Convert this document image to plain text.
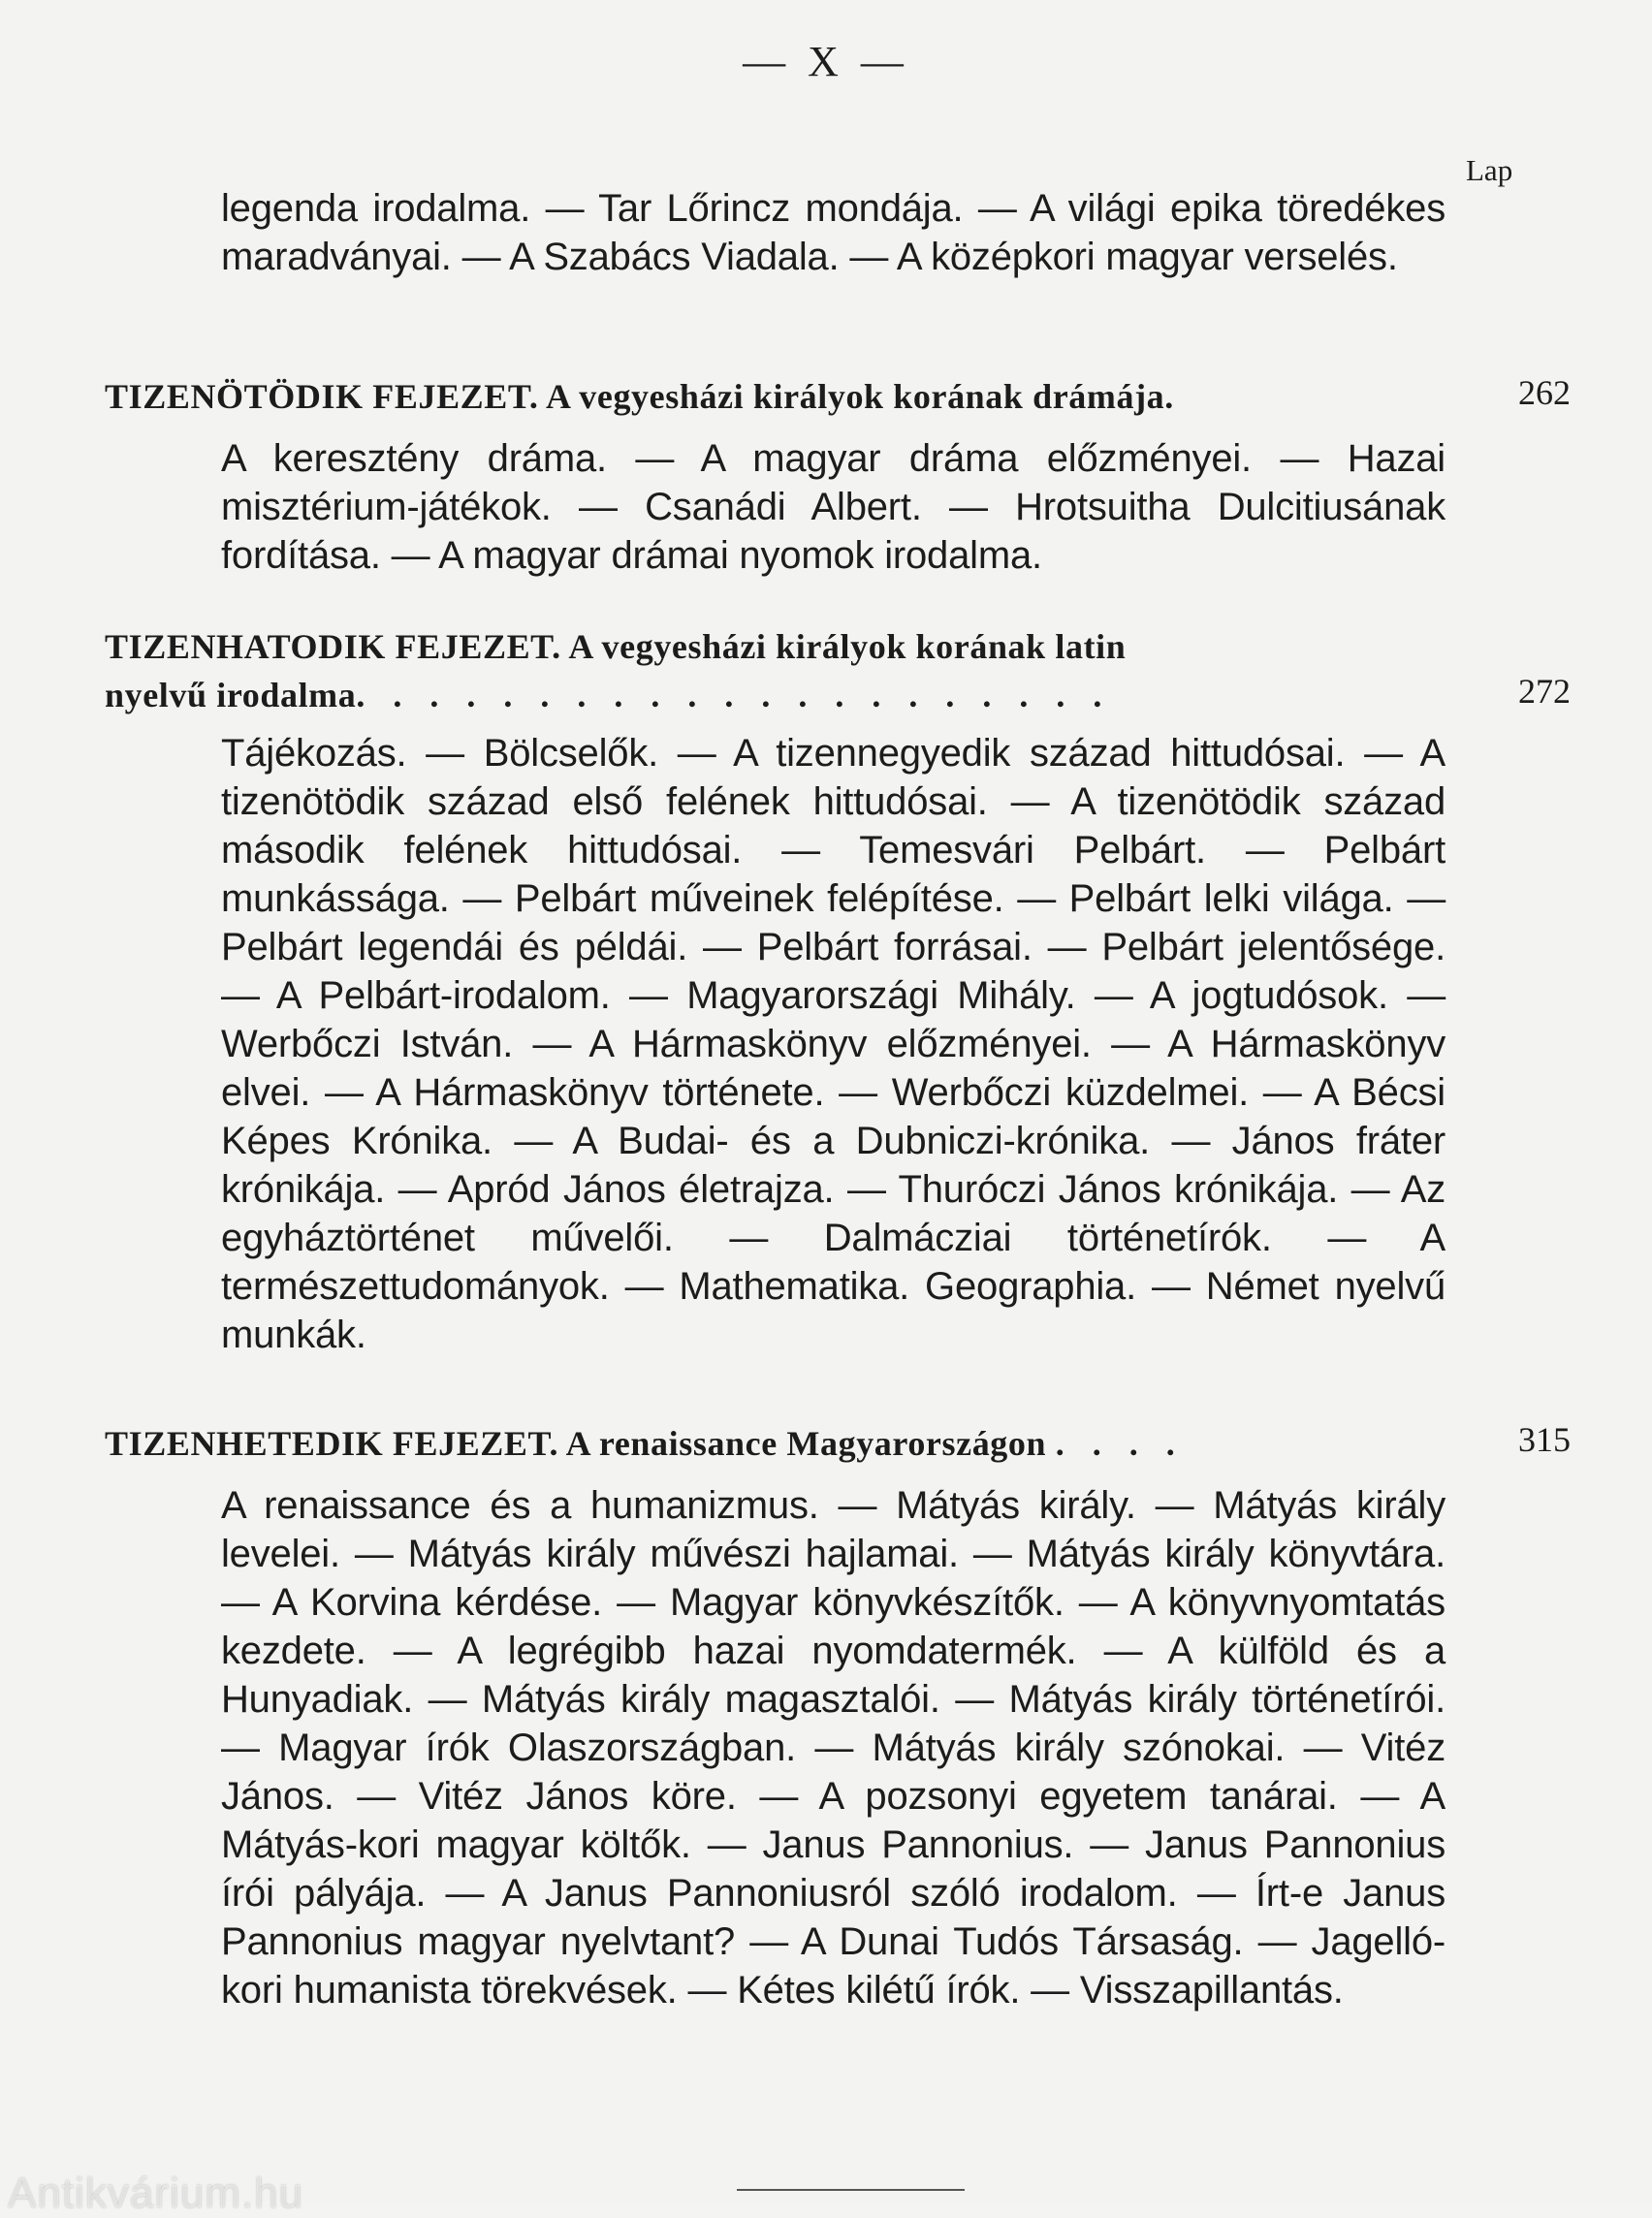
— X —
Lap
legenda irodalma. — Tar Lőrincz mondája. — A világi epika töredékes maradványai. — A Szabács Viadala. — A középkori magyar verselés.
TIZENÖTÖDIK FEJEZET. A vegyesházi királyok korának drámája.	262
A keresztény dráma. — A magyar dráma előzményei. — Hazai misztérium-játékok. — Csanádi Albert. — Hrotsuitha Dulcitiusának fordítása. — A magyar drámai nyomok irodalma.
TIZENHATODIK FEJEZET. A vegyesházi királyok korának latin
nyelvű irodalma. . . . . . . . . . . . . . . . . . . . .	272
Tájékozás. — Bölcselők. — A tizennegyedik század hittudósai. — A tizenötödik század első felének hittudósai. — A tizenötödik század második felének hittudósai. — Temesvári Pelbárt. — Pelbárt munkássága. — Pelbárt műveinek felépítése. — Pelbárt lelki világa. — Pelbárt legendái és példái. — Pelbárt forrásai. — Pelbárt jelentősége. — A Pelbárt-irodalom. — Magyarországi Mihály. — A jogtudósok. — Werbőczi István. — A Hármaskönyv előzményei. — A Hármaskönyv elvei. — A Hármaskönyv története. — Werbőczi küzdelmei. — A Bécsi Képes Krónika. — A Budai- és a Dubniczi-krónika. — János fráter krónikája. — Apród János életrajza. — Thuróczi János krónikája. — Az egyháztörténet művelői. — Dalmácziai történetírók. — A természettudományok. — Mathematika. Geographia. — Német nyelvű munkák.
TIZENHETEDIK FEJEZET. A renaissance Magyarországon . . . .	315
A renaissance és a humanizmus. — Mátyás király. — Mátyás király levelei. — Mátyás király művészi hajlamai. — Mátyás király könyvtára. — A Korvina kérdése. — Magyar könyvkészítők. — A könyvnyomtatás kezdete. — A legrégibb hazai nyomdatermék. — A külföld és a Hunyadiak. — Mátyás király magasztalói. — Mátyás király történetírói. — Magyar írók Olaszországban. — Mátyás király szónokai. — Vitéz János. — Vitéz János köre. — A pozsonyi egyetem tanárai. — A Mátyás-kori magyar költők. — Janus Pannonius. — Janus Pannonius írói pályája. — A Janus Pannoniusról szóló irodalom. — Írt-e Janus Pannonius magyar nyelvtant? — A Dunai Tudós Társaság. — Jagelló-kori humanista törekvések. — Kétes kilétű írók. — Visszapillantás.
Antikvárium.hu
